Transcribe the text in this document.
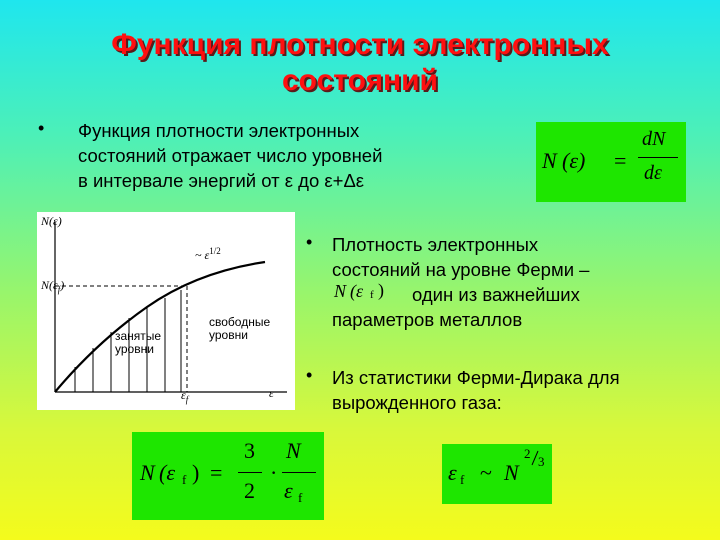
Функция плотности электронных
состояний
• Функция плотности электронных
состояний отражает число уровней
в интервале энергий от ε до ε+Δε
N (ε) =
dN
dε
N(ε)
$N(\varepsilon_f)$
~ $\varepsilon^{1/2}$
ε
$\varepsilon_f$
занятые
уровни
свободные
уровни
• Плотность электронных
состояний на уровне Ферми –
N (ε f ) один из важнейших
параметров металлов
• Из статистики Ферми-Дирака для
вырожденного газа:
N (ε f ) =
3
2
·
N
ε f
ε f ~ N
2
3
